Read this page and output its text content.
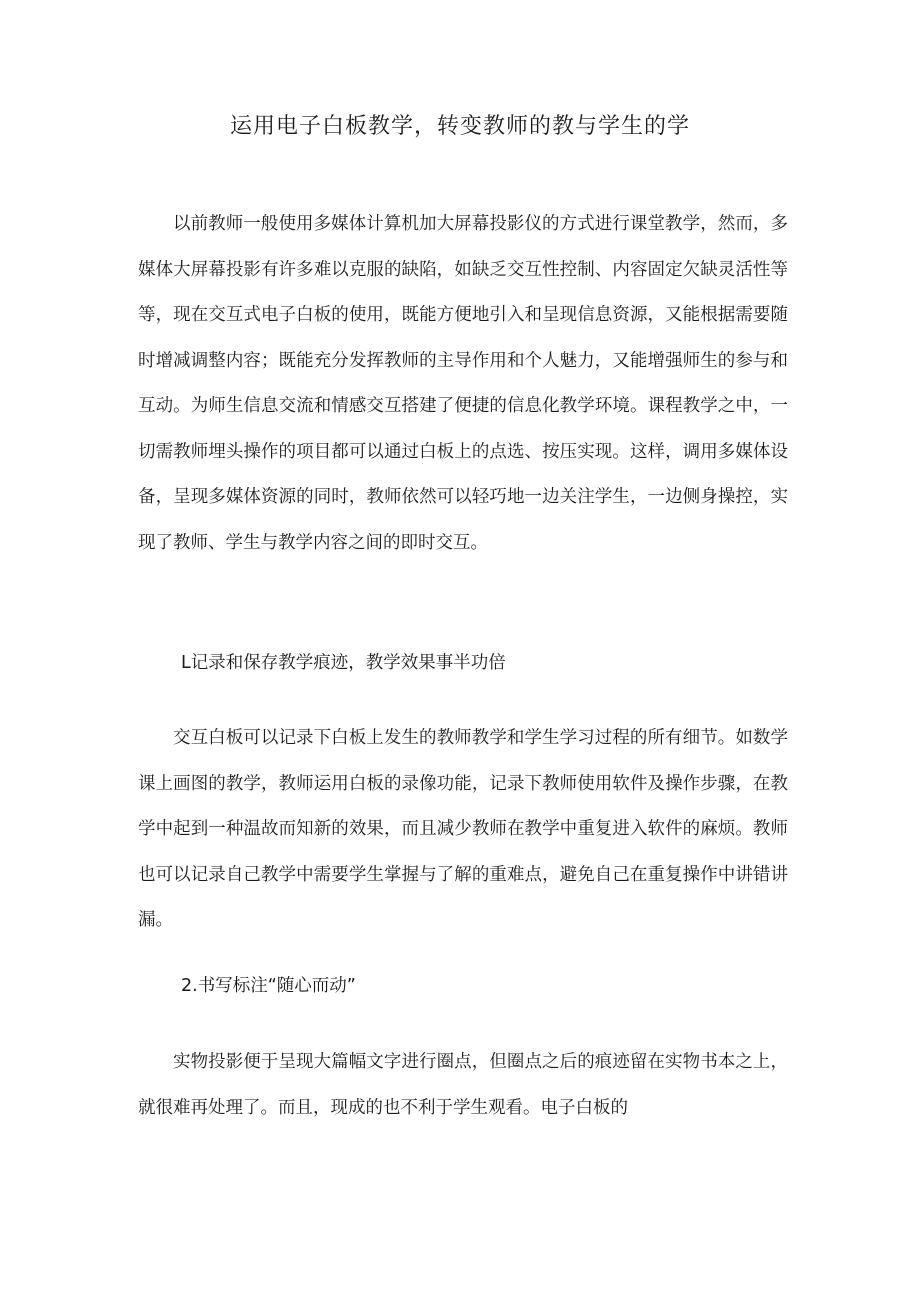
运用电子白板教学，转变教师的教与学生的学

以前教师一般使用多媒体计算机加大屏幕投影仪的方式进行课堂教学，然而，多媒体大屏幕投影有许多难以克服的缺陷，如缺乏交互性控制、内容固定欠缺灵活性等等，现在交互式电子白板的使用，既能方便地引入和呈现信息资源，又能根据需要随时增减调整内容；既能充分发挥教师的主导作用和个人魅力，又能增强师生的参与和互动。为师生信息交流和情感交互搭建了便捷的信息化教学环境。课程教学之中，一切需教师埋头操作的项目都可以通过白板上的点选、按压实现。这样，调用多媒体设备，呈现多媒体资源的同时，教师依然可以轻巧地一边关注学生，一边侧身操控，实现了教师、学生与教学内容之间的即时交互。

L记录和保存教学痕迹，教学效果事半功倍

交互白板可以记录下白板上发生的教师教学和学生学习过程的所有细节。如数学课上画图的教学，教师运用白板的录像功能，记录下教师使用软件及操作步骤，在教学中起到一种温故而知新的效果，而且减少教师在教学中重复进入软件的麻烦。教师也可以记录自己教学中需要学生掌握与了解的重难点，避免自己在重复操作中讲错讲漏。

2.书写标注“随心而动”

实物投影便于呈现大篇幅文字进行圈点，但圈点之后的痕迹留在实物书本之上，就很难再处理了。而且，现成的也不利于学生观看。电子白板的
